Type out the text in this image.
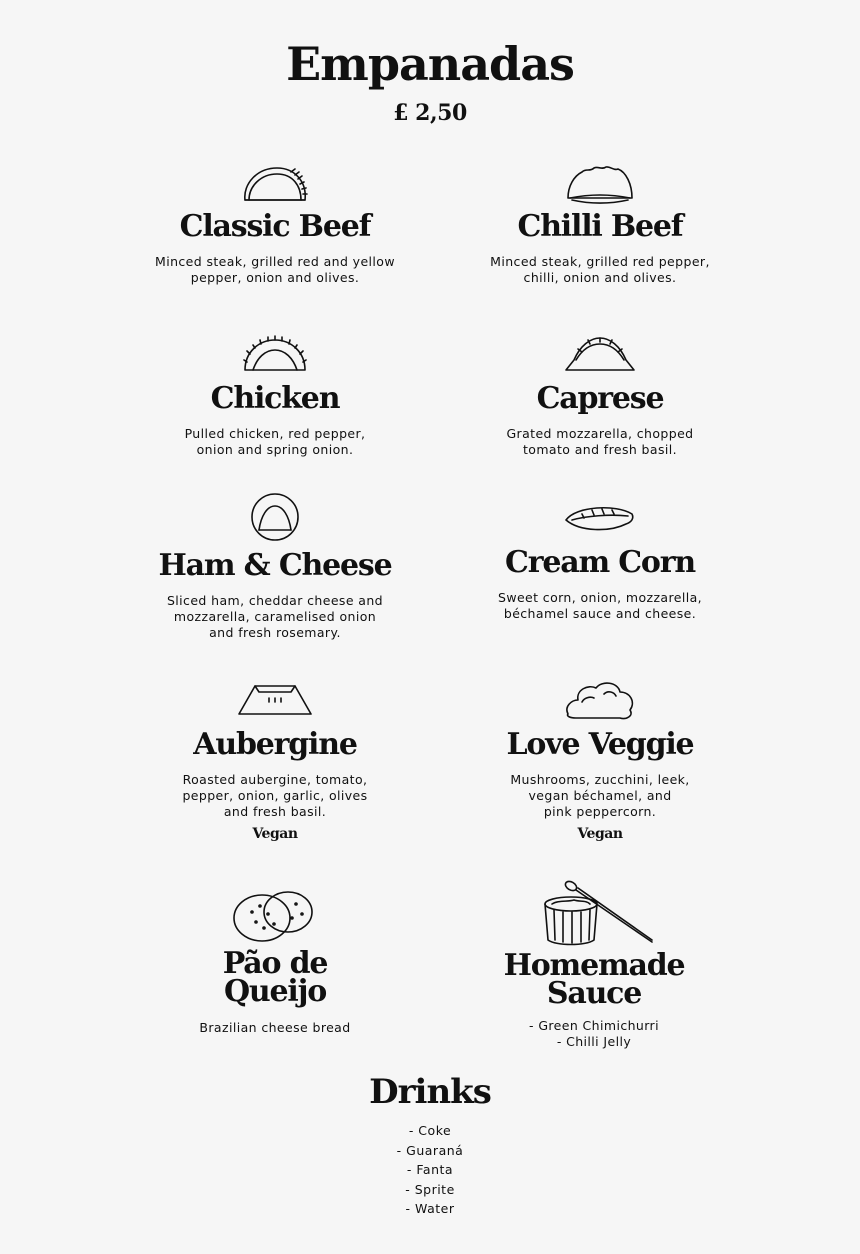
Empanadas
£ 2,50
Classic Beef

Minced steak, grilled red and yellow
pepper, onion and olives.

Chilli Beef

Minced steak, grilled red pepper,
chilli, onion and olives.

Chicken

Pulled chicken, red pepper,
onion and spring onion.

Caprese

Grated mozzarella, chopped
tomato and fresh basil.

Ham & Cheese

Sliced ham, cheddar cheese and
mozzarella, caramelised onion
and fresh rosemary.

Cream Corn

Sweet corn, onion, mozzarella,
béchamel sauce and cheese.

Aubergine

Roasted aubergine, tomato,
pepper, onion, garlic, olives
and fresh basil.

Vegan
Love Veggie

Mushrooms, zucchini, leek,
vegan béchamel, and
pink peppercorn.

Vegan
Pão de Queijo

Brazilian cheese bread

Homemade Sauce

- Green Chimichurri
- Chilli Jelly

Drinks
- Coke
- Guaraná
- Fanta
- Sprite
- Water
